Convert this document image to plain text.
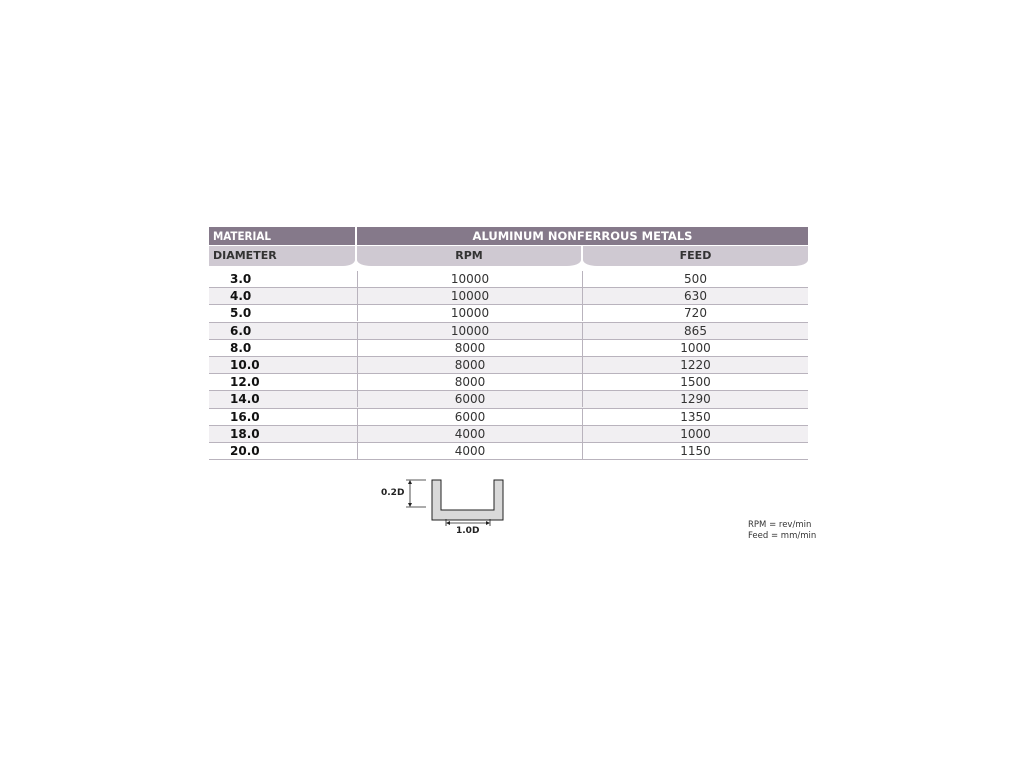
MATERIAL	ALUMINUM NONFERROUS METALS
DIAMETER	RPM	FEED
3.0	10000	500
4.0	10000	630
5.0	10000	720
6.0	10000	865
8.0	8000	1000
10.0	8000	1220
12.0	8000	1500
14.0	6000	1290
16.0	6000	1350
18.0	4000	1000
20.0	4000	1150
0.2D
1.0D
RPM = rev/min
Feed = mm/min
